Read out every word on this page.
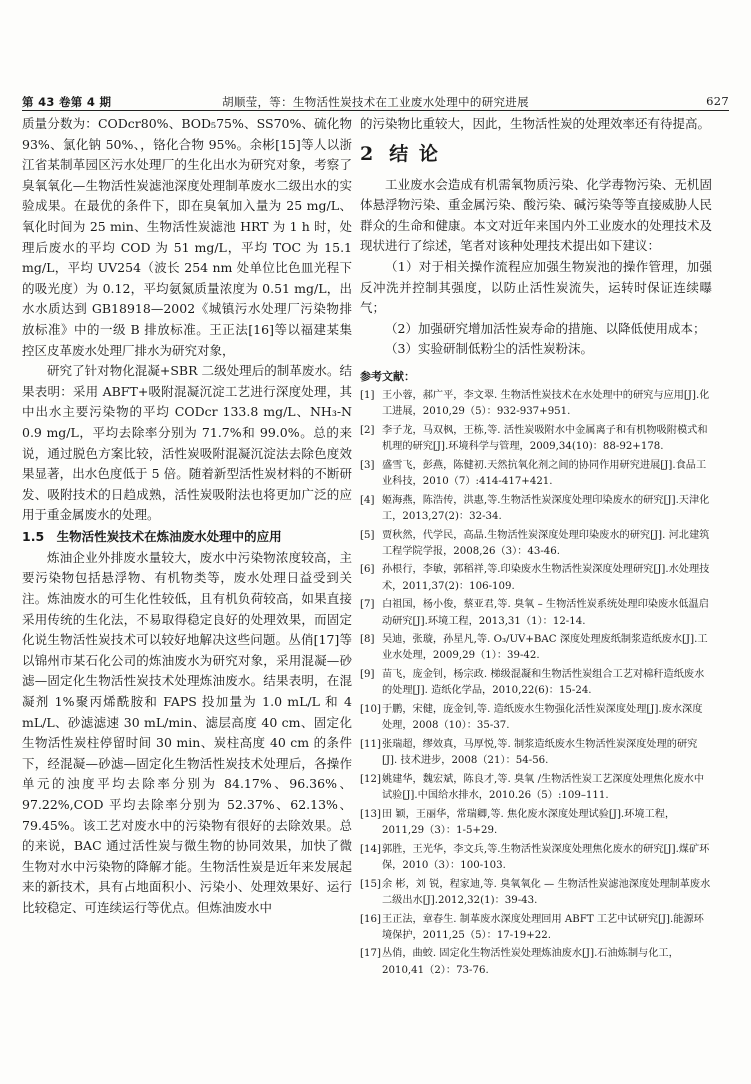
第 43 卷第 4 期	胡顺莹，等：生物活性炭技术在工业废水处理中的研究进展	627

质量分数为：CODcr80%、BOD₅75%、SS70%、硫化物 93%、氯化钠 50%、，铬化合物 95%。余彬[15]等人以浙江省某制革园区污水处理厂的生化出水为研究对象，考察了臭氧氧化—生物活性炭滤池深度处理制革废水二级出水的实验成果。在最优的条件下，即在臭氧加入量为 25 mg/L、氧化时间为 25 min、生物活性炭滤池 HRT 为 1 h 时，处理后废水的平均 COD 为 51 mg/L，平均 TOC 为 15.1 mg/L，平均 UV254（波长 254 nm 处单位比色皿光程下的吸光度）为 0.12，平均氨氮质量浓度为 0.51 mg/L，出水水质达到 GB18918—2002《城镇污水处理厂污染物排放标准》中的一级 B 排放标准。王正法[16]等以福建某集控区皮革废水处理厂排水为研究对象，

研究了针对物化混凝+SBR 二级处理后的制革废水。结果表明：采用 ABFT+吸附混凝沉淀工艺进行深度处理，其中出水主要污染物的平均 CODcr 133.8 mg/L、NH₃-N 0.9 mg/L，平均去除率分别为 71.7%和 99.0%。总的来说，通过脱色方案比较，活性炭吸附混凝沉淀法去除色度效果显著，出水色度低于 5 倍。随着新型活性炭材料的不断研发、吸附技术的日趋成熟，活性炭吸附法也将更加广泛的应用于重金属废水的处理。

1.5　生物活性炭技术在炼油废水处理中的应用

炼油企业外排废水量较大，废水中污染物浓度较高，主要污染物包括悬浮物、有机物类等，废水处理日益受到关注。炼油废水的可生化性较低，且有机负荷较高，如果直接采用传统的生化法，不易取得稳定良好的处理效果，而固定化说生物活性炭技术可以较好地解决这些问题。丛俏[17]等以锦州市某石化公司的炼油废水为研究对象，采用混凝—砂滤—固定化生物活性炭技术处理炼油废水。结果表明，在混凝剂 1%聚丙烯酰胺和 FAPS 投加量为 1.0 mL/L 和 4 mL/L、砂滤滤速 30 mL/min、滤层高度 40 cm、固定化生物活性炭柱停留时间 30 min、炭柱高度 40 cm 的条件下，经混凝—砂滤—固定化生物活性炭技术处理后，各操作单元的浊度平均去除率分别为 84.17%、96.36%、97.22%,COD 平均去除率分别为 52.37%、62.13%、79.45%。该工艺对废水中的污染物有很好的去除效果。总的来说，BAC 通过活性炭与微生物的协同效果，加快了微生物对水中污染物的降解才能。生物活性炭是近年来发展起来的新技术，具有占地面积小、污染小、处理效果好、运行比较稳定、可连续运行等优点。但炼油废水中

的污染物比重较大，因此，生物活性炭的处理效率还有待提高。

2 结 论

工业废水会造成有机需氧物质污染、化学毒物污染、无机固体悬浮物污染、重金属污染、酸污染、碱污染等等直接威胁人民群众的生命和健康。本文对近年来国内外工业废水的处理技术及现状进行了综述，笔者对该种处理技术提出如下建议：

（1）对于相关操作流程应加强生物炭池的操作管理，加强反冲洗并控制其强度，以防止活性炭流失，运转时保证连续曝气；

（2）加强研究增加活性炭寿命的措施、以降低使用成本；

（3）实验研制低粉尘的活性炭粉沫。

参考文献：

[1] 王小蓉，郝广平，李文翠. 生物活性炭技术在水处理中的研究与应用[J].化工进展，2010,29（5）：932-937+951.
[2] 李子龙，马双枫，王栋,等. 活性炭吸附水中金属离子和有机物吸附模式和机理的研究[J].环境科学与管理，2009,34(10)：88-92+178.
[3] 盛雪飞，彭燕，陈健初.天然抗氧化剂之间的协同作用研究进展[J].食品工业科技，2010（7）:414-417+421.
[4] 姬海燕，陈浩传，洪惠,等.生物活性炭深度处理印染废水的研究[J].天津化工，2013,27(2)：32-34.
[5] 贾秋然，代学民，高晶.生物活性炭深度处理印染废水的研究[J]. 河北建筑工程学院学报，2008,26（3）：43-46.
[6] 孙根行，李敏，郭稻祥,等.印染废水生物活性炭深度处理研究[J].水处理技术，2011,37(2)：106-109.
[7] 白祖国，杨小俊，蔡亚君,等. 臭氧 – 生物活性炭系统处理印染废水低温启动研究[J].环境工程，2013,31（1）：12-14.
[8] 吴迪，张璇，孙星凡,等. O₃/UV+BAC 深度处理废纸制浆造纸废水[J].工业水处理，2009,29（1）：39-42.
[9] 苗飞，庞金钊，杨宗政. 梯级混凝和生物活性炭组合工艺对棉秆造纸废水的处理[J]. 造纸化学品，2010,22(6)：15-24.
[10] 于鹏，宋健，庞金钊,等. 造纸废水生物强化活性炭深度处理[J].废水深度处理，2008（10）：35-37.
[11] 张瑞超，缪效真，马厚悦,等. 制浆造纸废水生物活性炭深度处理的研究[J]. 技术进步，2008（21）：54-56.
[12] 姚建华，魏宏斌，陈良才,等. 臭氧 /生物活性炭工艺深度处理焦化废水中试验[J].中国给水排水，2010.26（5）:109–111.
[13] 田 颖，王丽华，常瑞卿,等. 焦化废水深度处理试验[J].环境工程，2011,29（3）：1-5+29.
[14] 郭胜，王光华，李文兵,等.生物活性炭深度处理焦化废水的研究[J].煤矿环保，2010（3）：100-103.
[15] 余 彬，刘 锐，程家迪,等. 臭氧氧化 — 生物活性炭滤池深度处理制革废水二级出水[J].2012,32(1)：39-43.
[16] 王正法，章春生. 制革废水深度处理回用 ABFT 工艺中试研究[J].能源环境保护，2011,25（5）：17-19+22.
[17] 丛俏，曲蛟. 固定化生物活性炭处理炼油废水[J].石油炼制与化工，2010,41（2）：73-76.
